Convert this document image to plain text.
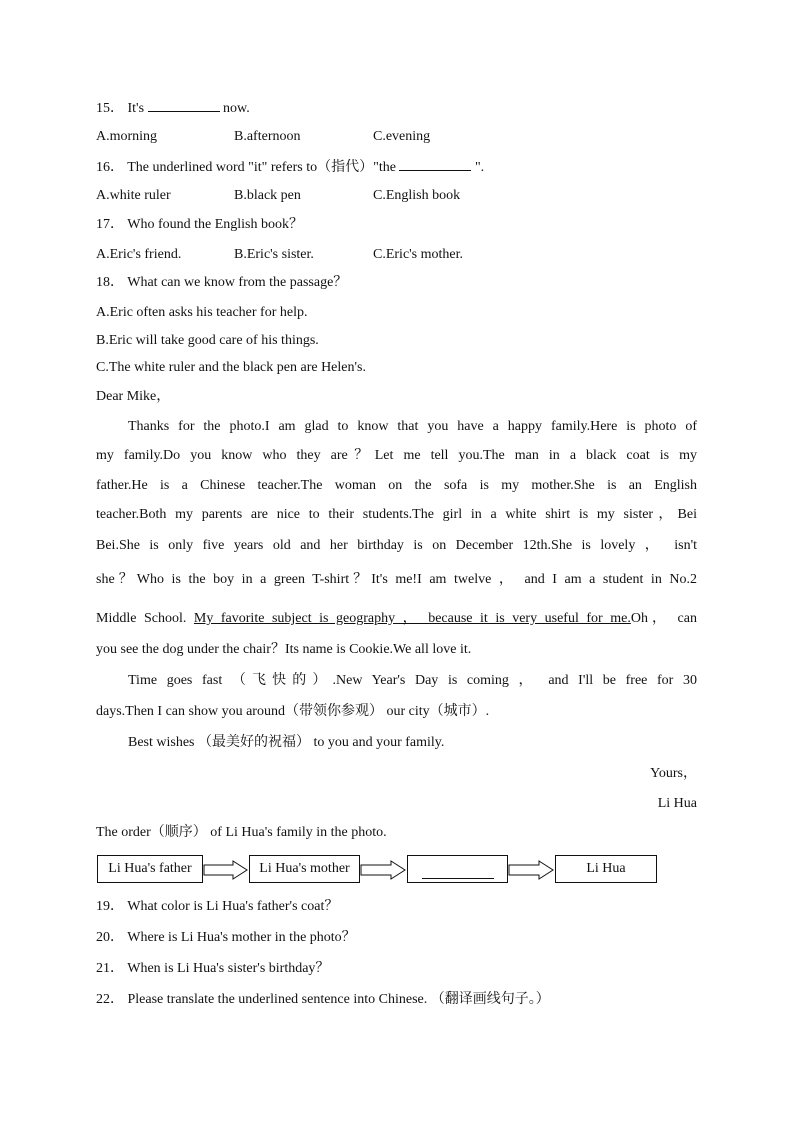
15． It's	now.
A.morning	B.afternoon	C.evening
16． The underlined word "it" refers to（指代）"the	".
A.white ruler	B.black pen	C.English book
17． Who found the English book？
A.Eric's friend.	B.Eric's sister.	C.Eric's mother.
18． What can we know from the passage？
A.Eric often asks his teacher for help.
B.Eric will take good care of his things.
C.The white ruler and the black pen are Helen's.
Dear Mike，
Thanks for the photo.I am glad to know that you have a happy family.Here is photo of
my family.Do you know who they are？Let me tell you.The man in a black coat is my
father.He is a Chinese teacher.The woman on the sofa is my mother.She is an English
teacher.Both my parents are nice to their students.The girl in a white shirt is my sister，Bei
Bei.She is only five years old and her birthday is on December 12th.She is lovely ， isn't
she？Who is the boy in a green T-shirt？It's me!I am twelve ， and I am a student in No.2
Middle School. My favorite subject is geography ， because it is very useful for me.Oh， can
you see the dog under the chair？Its name is Cookie.We all love it.
Time goes fast （飞快的）.New Year's Day is coming ， and I'll be free for 30
days.Then I can show you around（带领你参观） our city（城市）.
Best wishes （最美好的祝福） to you and your family.
Yours，
Li Hua
The order（顺序） of Li Hua's family in the photo.
Li Hua's father	Li Hua's mother	Li Hua
19． What color is Li Hua's father's coat？
20． Where is Li Hua's mother in the photo？
21． When is Li Hua's sister's birthday？
22． Please translate the underlined sentence into Chinese. （翻译画线句子。）
